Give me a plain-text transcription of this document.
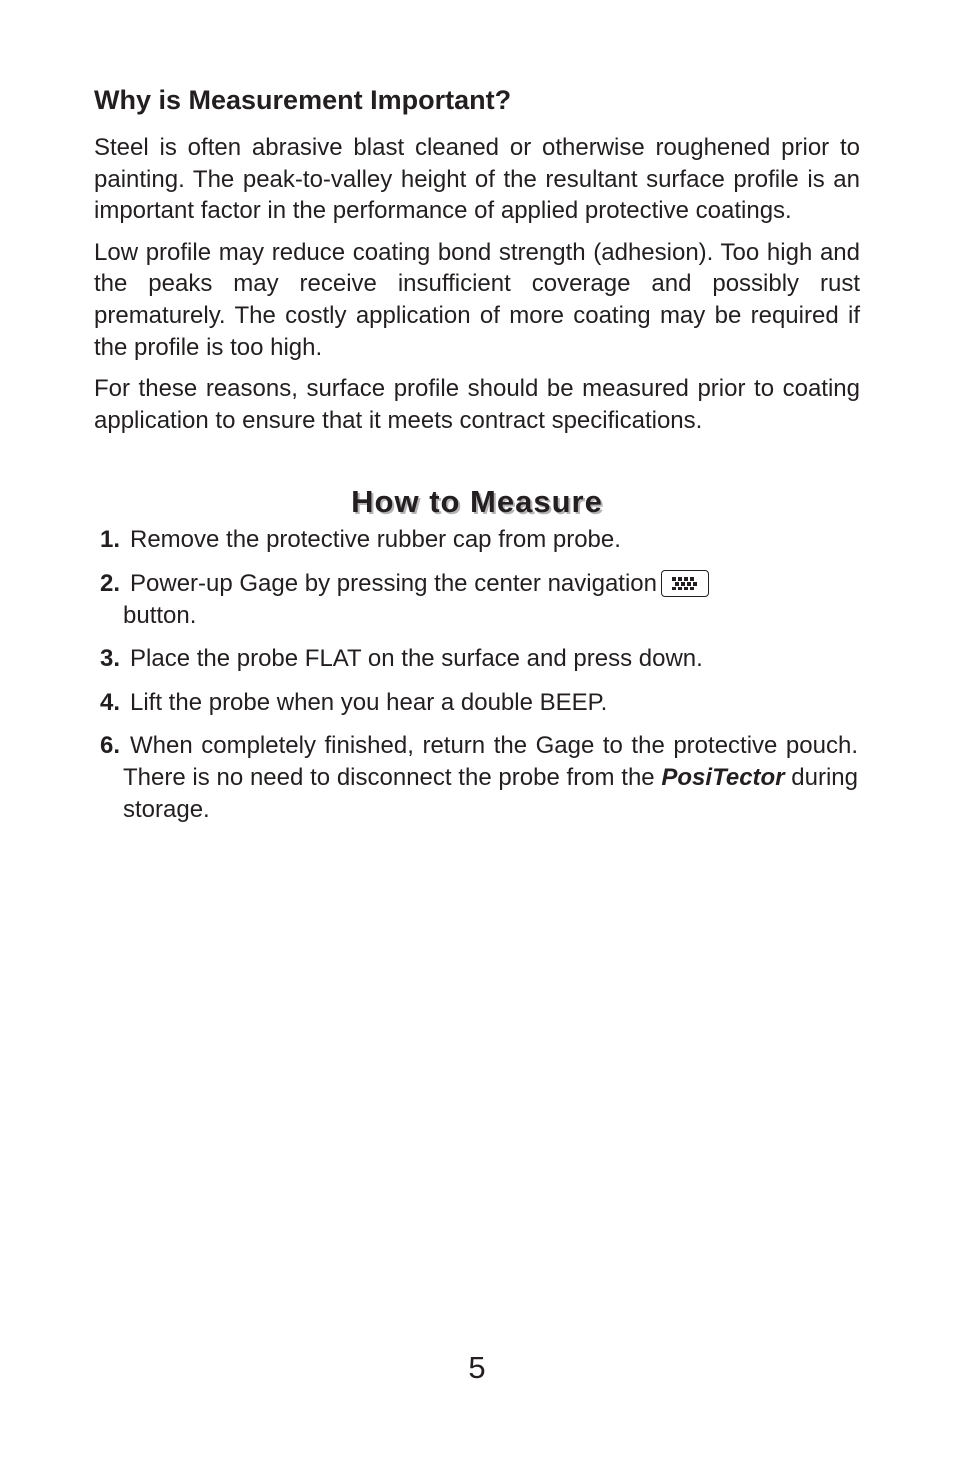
Why is Measurement Important?

Steel is often abrasive blast cleaned or otherwise roughened prior to painting. The peak-to-valley height of the resultant surface profile is an important factor in the performance of applied protective coatings.

Low profile may reduce coating bond strength (adhesion). Too high and the peaks may receive insufficient coverage and possibly rust prematurely. The costly application of more coating may be required if the profile is too high.

For these reasons, surface profile should be measured prior to coating application to ensure that it meets contract specifications.

How to Measure
1. Remove the protective rubber cap from probe.
2. Power-up Gage by pressing the center navigation

button.
3. Place the probe FLAT on the surface and press down.
4. Lift the probe when you hear a double BEEP.
6. When completely finished, return the Gage to the protective pouch. There is no need to disconnect the probe from the PosiTector during storage.
5
